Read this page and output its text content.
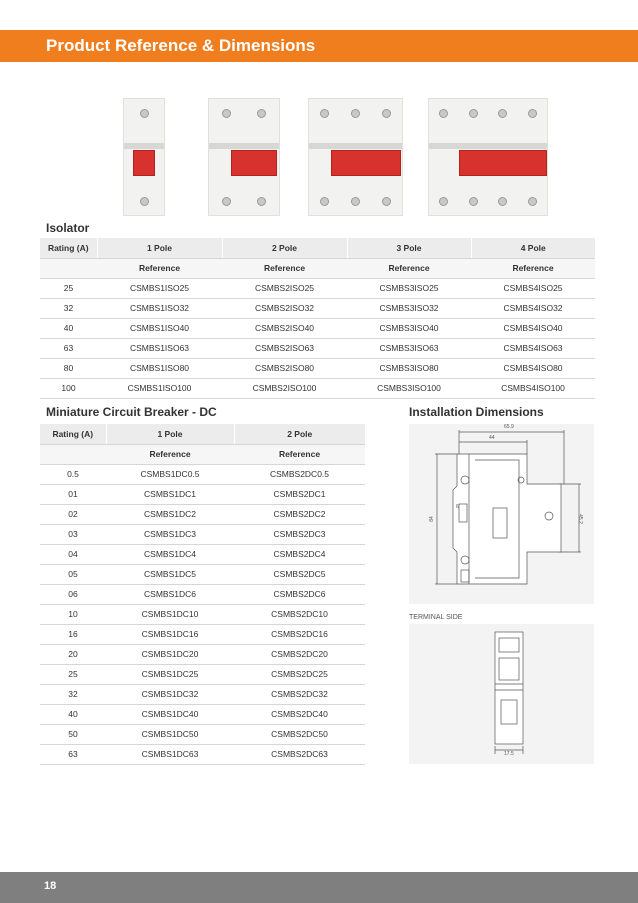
Product Reference & Dimensions
Isolator
Rating (A)	1 Pole	2 Pole	3 Pole	4 Pole
	Reference	Reference	Reference	Reference
25	CSMBS1ISO25	CSMBS2ISO25	CSMBS3ISO25	CSMBS4ISO25
32	CSMBS1ISO32	CSMBS2ISO32	CSMBS3ISO32	CSMBS4ISO32
40	CSMBS1ISO40	CSMBS2ISO40	CSMBS3ISO40	CSMBS4ISO40
63	CSMBS1ISO63	CSMBS2ISO63	CSMBS3ISO63	CSMBS4ISO63
80	CSMBS1ISO80	CSMBS2ISO80	CSMBS3ISO80	CSMBS4ISO80
100	CSMBS1ISO100	CSMBS2ISO100	CSMBS3ISO100	CSMBS4ISO100
Miniature Circuit Breaker - DC
Rating (A)	1 Pole	2 Pole
	Reference	Reference
0.5	CSMBS1DC0.5	CSMBS2DC0.5
01	CSMBS1DC1	CSMBS2DC1
02	CSMBS1DC2	CSMBS2DC2
03	CSMBS1DC3	CSMBS2DC3
04	CSMBS1DC4	CSMBS2DC4
05	CSMBS1DC5	CSMBS2DC5
06	CSMBS1DC6	CSMBS2DC6
10	CSMBS1DC10	CSMBS2DC10
16	CSMBS1DC16	CSMBS2DC16
20	CSMBS1DC20	CSMBS2DC20
25	CSMBS1DC25	CSMBS2DC25
32	CSMBS1DC32	CSMBS2DC32
40	CSMBS1DC40	CSMBS2DC40
50	CSMBS1DC50	CSMBS2DC50
63	CSMBS1DC63	CSMBS2DC63
Installation Dimensions
65.9
44
84	45.2
6
TERMINAL SIDE
17.5
18
